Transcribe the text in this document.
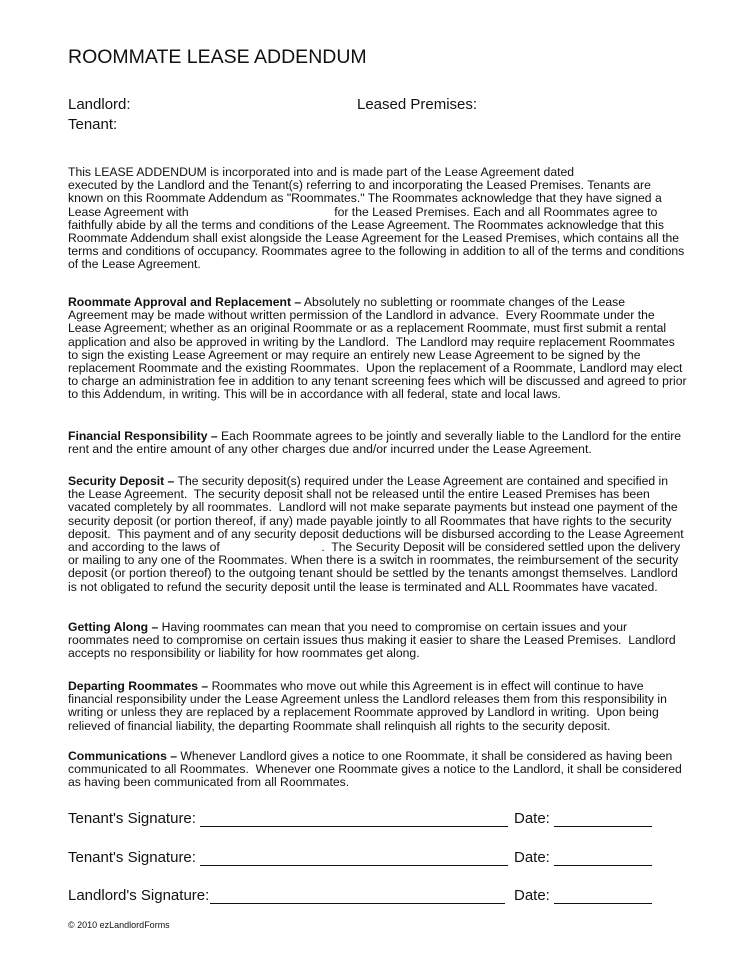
ROOMMATE LEASE ADDENDUM
Landlord:
Tenant:
Leased Premises:
This LEASE ADDENDUM is incorporated into and is made part of the Lease Agreement dated
executed by the Landlord and the Tenant(s) referring to and incorporating the Leased Premises. Tenants are
known on this Roommate Addendum as "Roommates." The Roommates acknowledge that they have signed a
Lease Agreement with                                           for the Leased Premises. Each and all Roommates agree to
faithfully abide by all the terms and conditions of the Lease Agreement. The Roommates acknowledge that this
Roommate Addendum shall exist alongside the Lease Agreement for the Leased Premises, which contains all the
terms and conditions of occupancy. Roommates agree to the following in addition to all of the terms and conditions
of the Lease Agreement.
Roommate Approval and Replacement – Absolutely no subletting or roommate changes of the Lease
Agreement may be made without written permission of the Landlord in advance.  Every Roommate under the
Lease Agreement; whether as an original Roommate or as a replacement Roommate, must first submit a rental
application and also be approved in writing by the Landlord.  The Landlord may require replacement Roommates
to sign the existing Lease Agreement or may require an entirely new Lease Agreement to be signed by the
replacement Roommate and the existing Roommates.  Upon the replacement of a Roommate, Landlord may elect
to charge an administration fee in addition to any tenant screening fees which will be discussed and agreed to prior
to this Addendum, in writing. This will be in accordance with all federal, state and local laws.
Financial Responsibility – Each Roommate agrees to be jointly and severally liable to the Landlord for the entire
rent and the entire amount of any other charges due and/or incurred under the Lease Agreement.
Security Deposit – The security deposit(s) required under the Lease Agreement are contained and specified in
the Lease Agreement.  The security deposit shall not be released until the entire Leased Premises has been
vacated completely by all roommates.  Landlord will not make separate payments but instead one payment of the
security deposit (or portion thereof, if any) made payable jointly to all Roommates that have rights to the security
deposit.  This payment and of any security deposit deductions will be disbursed according to the Lease Agreement
and according to the laws of                              .  The Security Deposit will be considered settled upon the delivery
or mailing to any one of the Roommates. When there is a switch in roommates, the reimbursement of the security
deposit (or portion thereof) to the outgoing tenant should be settled by the tenants amongst themselves. Landlord
is not obligated to refund the security deposit until the lease is terminated and ALL Roommates have vacated.
Getting Along – Having roommates can mean that you need to compromise on certain issues and your
roommates need to compromise on certain issues thus making it easier to share the Leased Premises.  Landlord
accepts no responsibility or liability for how roommates get along.
Departing Roommates – Roommates who move out while this Agreement is in effect will continue to have
financial responsibility under the Lease Agreement unless the Landlord releases them from this responsibility in
writing or unless they are replaced by a replacement Roommate approved by Landlord in writing.  Upon being
relieved of financial liability, the departing Roommate shall relinquish all rights to the security deposit.
Communications – Whenever Landlord gives a notice to one Roommate, it shall be considered as having been
communicated to all Roommates.  Whenever one Roommate gives a notice to the Landlord, it shall be considered
as having been communicated from all Roommates.
Tenant's Signature:	Date:
Tenant's Signature:	Date:
Landlord's Signature:	Date:
© 2010 ezLandlordForms
